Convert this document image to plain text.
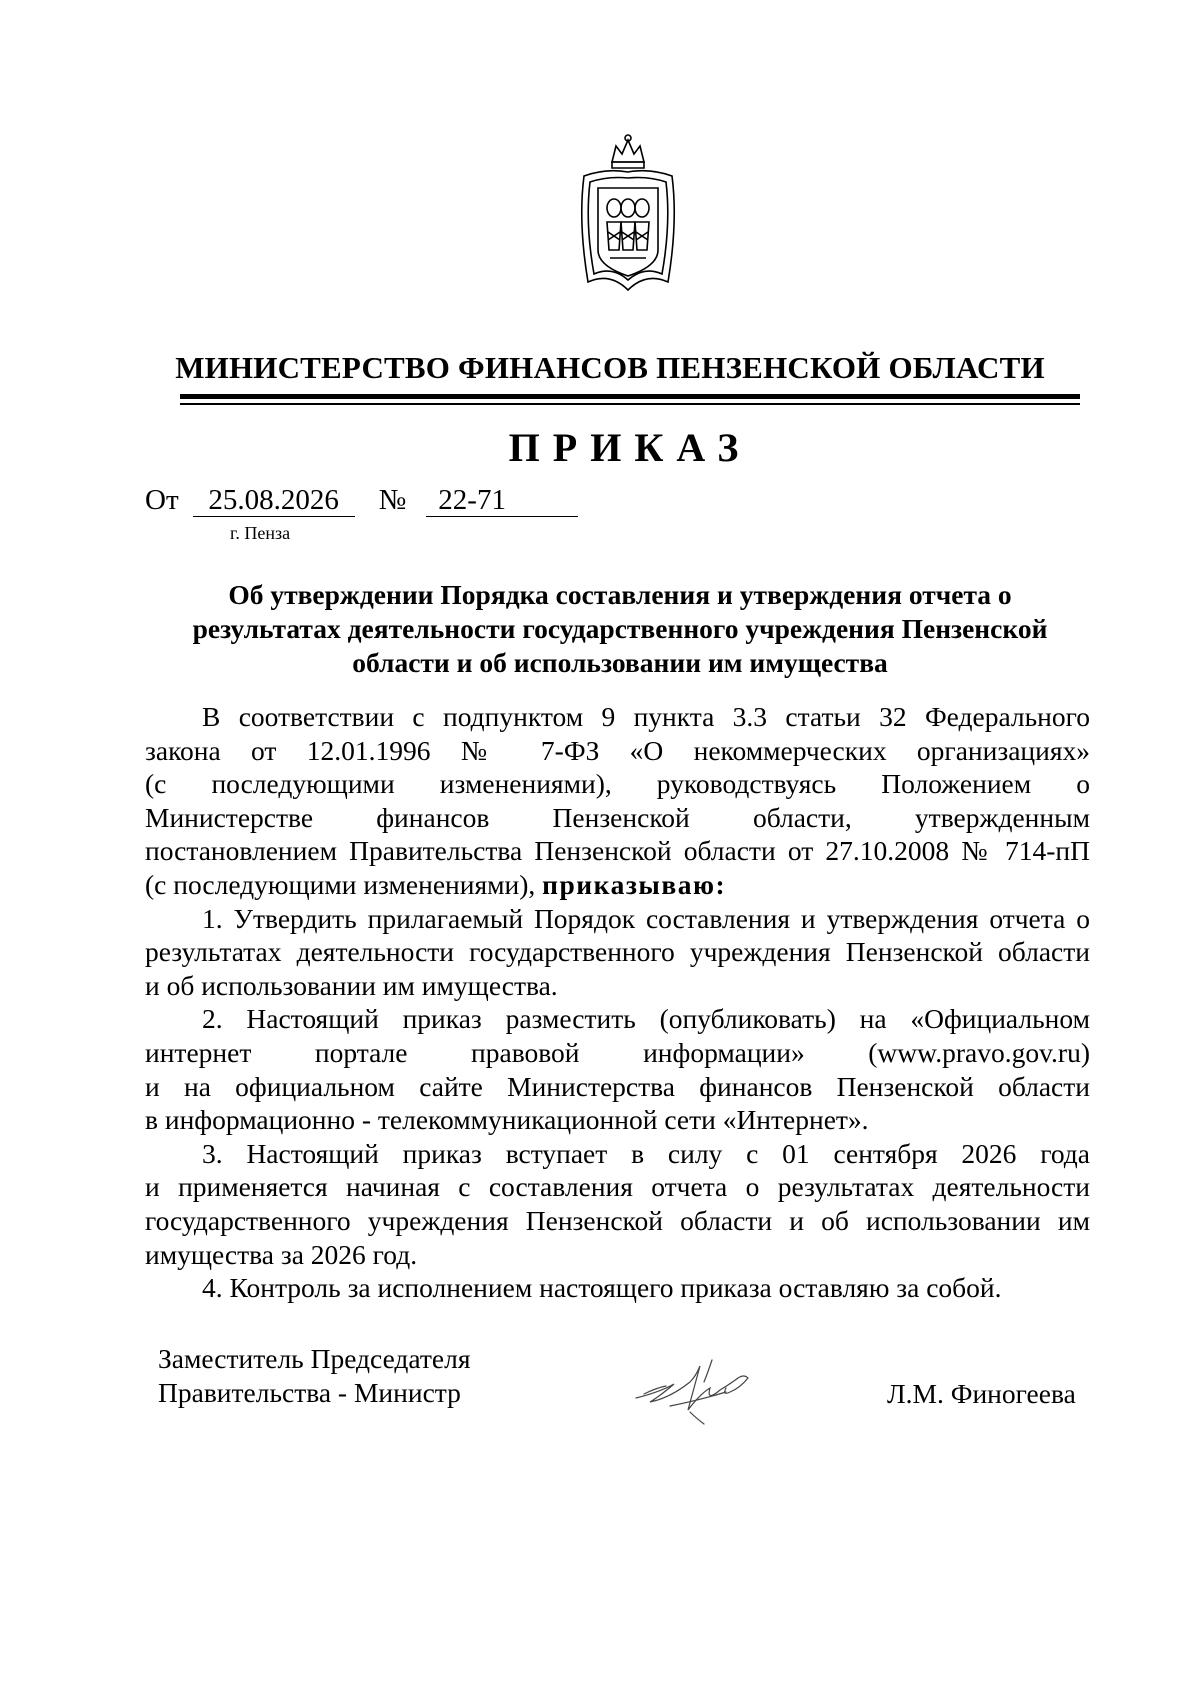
МИНИСТЕРСТВО ФИНАНСОВ ПЕНЗЕНСКОЙ ОБЛАСТИ
ПРИКАЗ
От 25.08.2026 № 22-71
г. Пенза
Об утверждении Порядка составления и утверждения отчета о
результатах деятельности государственного учреждения Пензенской
области и об использовании им имущества
В соответствии с подпунктом 9 пункта 3.3 статьи 32 Федерального
закона от 12.01.1996 № 7-ФЗ «О некоммерческих организациях»
(с последующими изменениями), руководствуясь Положением о
Министерстве финансов Пензенской области, утвержденным
постановлением Правительства Пензенской области от 27.10.2008 № 714-пП
(с последующими изменениями), приказываю:
1. Утвердить прилагаемый Порядок составления и утверждения отчета о
результатах деятельности государственного учреждения Пензенской области
и об использовании им имущества.
2. Настоящий приказ разместить (опубликовать) на «Официальном
интернет портале правовой информации» (www.pravo.gov.ru)
и на официальном сайте Министерства финансов Пензенской области
в информационно - телекоммуникационной сети «Интернет».
3. Настоящий приказ вступает в силу с 01 сентября 2026 года
и применяется начиная с составления отчета о результатах деятельности
государственного учреждения Пензенской области и об использовании им
имущества за 2026 год.
4. Контроль за исполнением настоящего приказа оставляю за собой.
Заместитель Председателя
Правительства - Министр	Л.М. Финогеева
